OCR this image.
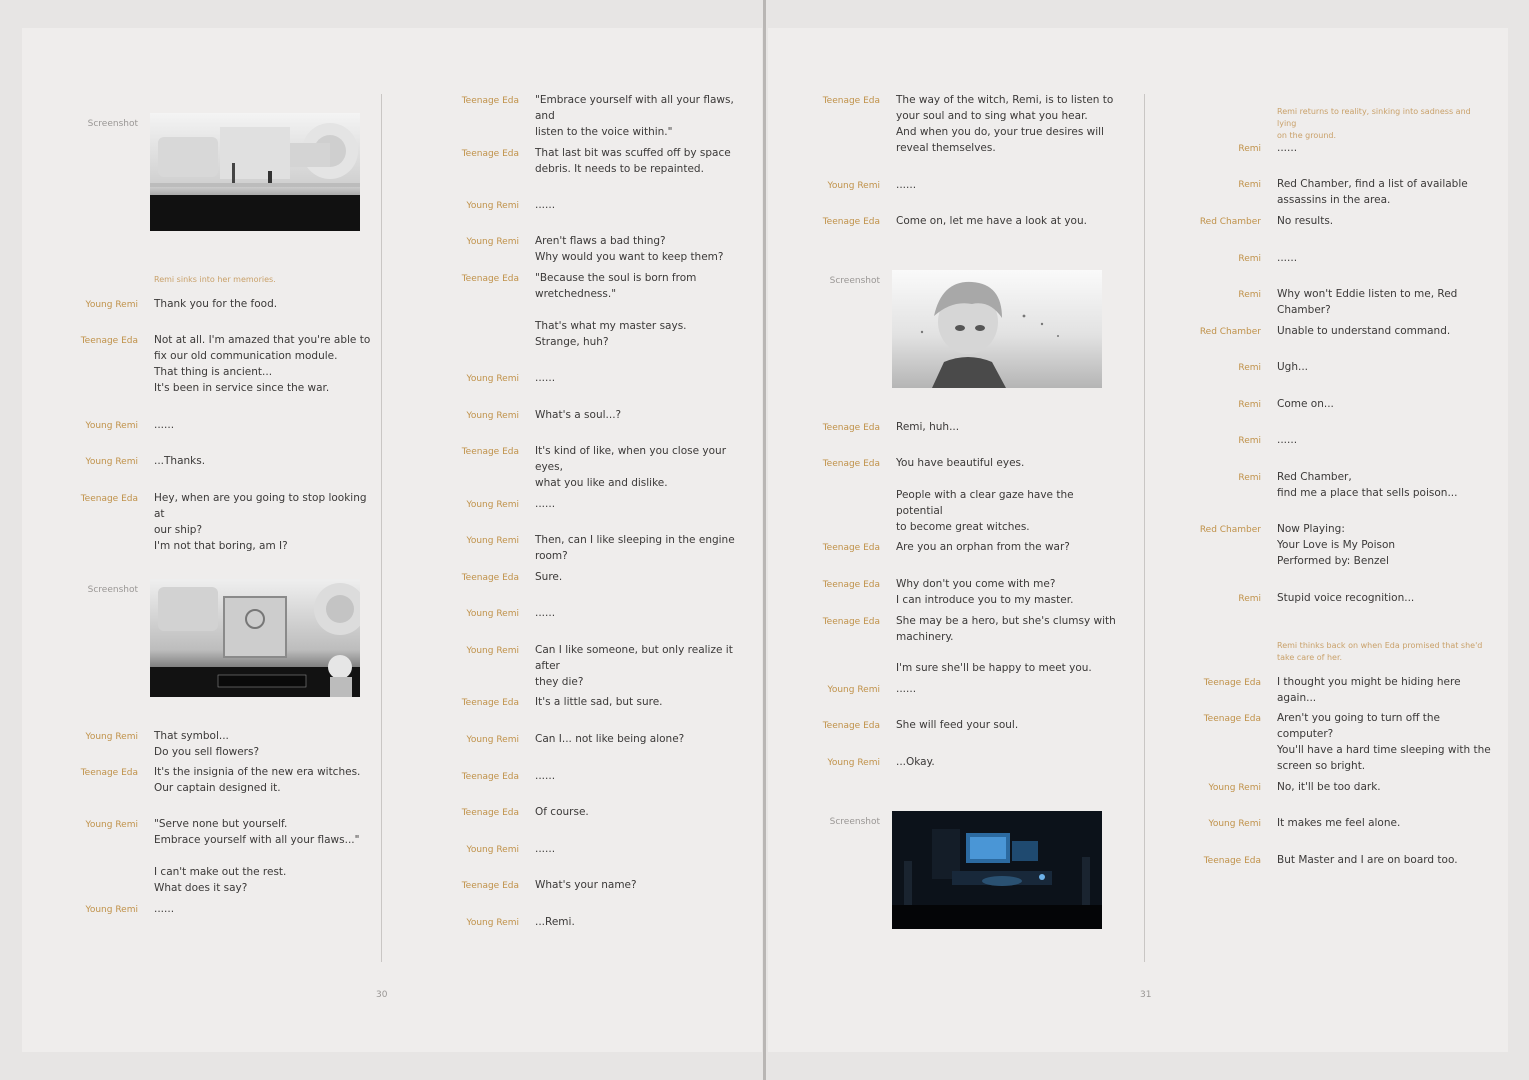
Screenshot
Remi sinks into her memories.
Young Remi Thank you for the food.
Teenage Eda Not at all. I'm amazed that you're able to
fix our old communication module.
That thing is ancient...
It's been in service since the war.
Young Remi ......
Young Remi ...Thanks.
Teenage Eda Hey, when are you going to stop looking at
our ship?
I'm not that boring, am I?
Screenshot
Young Remi That symbol...
Do you sell flowers?
Teenage Eda It's the insignia of the new era witches.
Our captain designed it.
Young Remi "Serve none but yourself.
Embrace yourself with all your flaws..."
I can't make out the rest.
What does it say?
Young Remi ......
Teenage Eda "Embrace yourself with all your flaws, and
listen to the voice within."
Teenage Eda That last bit was scuffed off by space
debris. It needs to be repainted.
Young Remi ......
Young Remi Aren't flaws a bad thing?
Why would you want to keep them?
Teenage Eda "Because the soul is born from
wretchedness."
That's what my master says.
Strange, huh?
Young Remi ......
Young Remi What's a soul...?
Teenage Eda It's kind of like, when you close your eyes,
what you like and dislike.
Young Remi ......
Young Remi Then, can I like sleeping in the engine
room?
Teenage Eda Sure.
Young Remi ......
Young Remi Can I like someone, but only realize it after
they die?
Teenage Eda It's a little sad, but sure.
Young Remi Can I... not like being alone?
Teenage Eda ......
Teenage Eda Of course.
Young Remi ......
Teenage Eda What's your name?
Young Remi ...Remi.
30
Teenage Eda The way of the witch, Remi, is to listen to
your soul and to sing what you hear.
And when you do, your true desires will
reveal themselves.
Young Remi ......
Teenage Eda Come on, let me have a look at you.
Screenshot
Teenage Eda Remi, huh...
Teenage Eda You have beautiful eyes.
People with a clear gaze have the potential
to become great witches.
Teenage Eda Are you an orphan from the war?
Teenage Eda Why don't you come with me?
I can introduce you to my master.
Teenage Eda She may be a hero, but she's clumsy with
machinery.
I'm sure she'll be happy to meet you.
Young Remi ......
Teenage Eda She will feed your soul.
Young Remi ...Okay.
Screenshot
Remi returns to reality, sinking into sadness and lying
on the ground.
Remi ......
Remi Red Chamber, find a list of available
assassins in the area.
Red Chamber No results.
Remi ......
Remi Why won't Eddie listen to me, Red
Chamber?
Red Chamber Unable to understand command.
Remi Ugh...
Remi Come on...
Remi ......
Remi Red Chamber,
find me a place that sells poison...
Red Chamber Now Playing:
Your Love is My Poison
Performed by: Benzel
Remi Stupid voice recognition...
Remi thinks back on when Eda promised that she'd
take care of her.
Teenage Eda I thought you might be hiding here again...
Teenage Eda Aren't you going to turn off the computer?
You'll have a hard time sleeping with the
screen so bright.
Young Remi No, it'll be too dark.
Young Remi It makes me feel alone.
Teenage Eda But Master and I are on board too.
31
